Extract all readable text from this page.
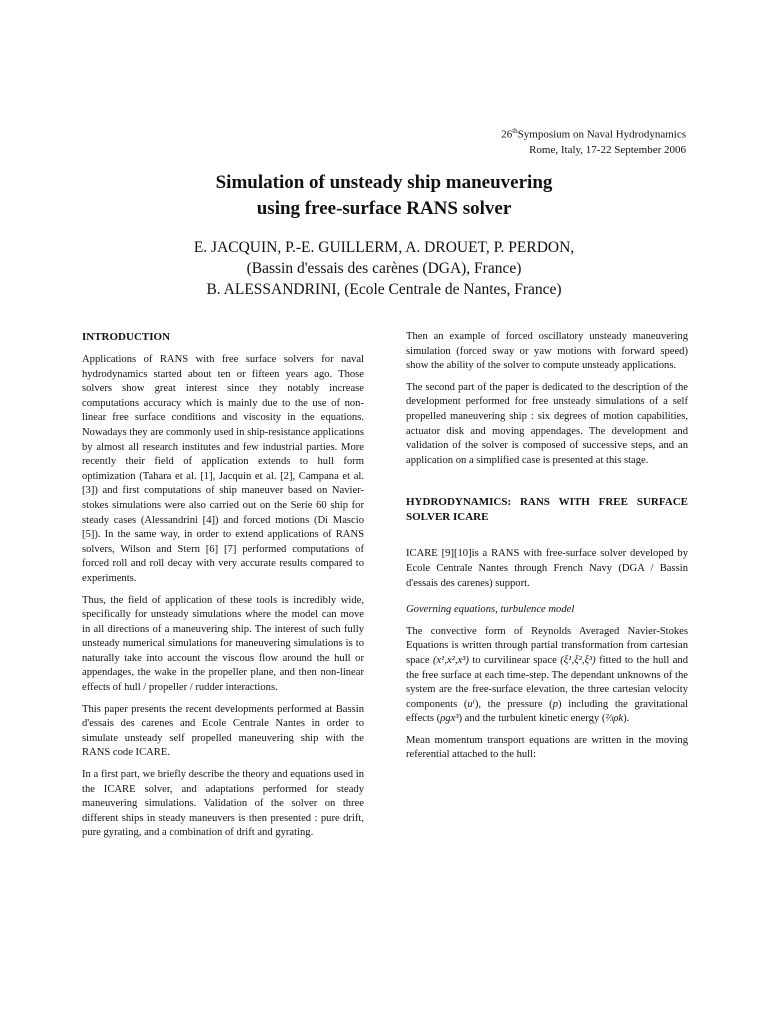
26thSymposium on Naval Hydrodynamics
Rome, Italy, 17-22 September 2006
Simulation of unsteady ship maneuvering
using free-surface RANS solver
E. JACQUIN, P.-E. GUILLERM, A. DROUET, P. PERDON,
(Bassin d'essais des carènes (DGA), France)
B. ALESSANDRINI, (Ecole Centrale de Nantes, France)
INTRODUCTION

Applications of RANS with free surface solvers for naval hydrodynamics started about ten or fifteen years ago. Those solvers show great interest since they notably increase computations accuracy which is mainly due to the use of non-linear free surface conditions and viscosity in the equations. Nowadays they are commonly used in ship-resistance applications by almost all research institutes and few industrial parties. More recently their field of application extends to hull form optimization (Tahara et al. [1], Jacquin et al. [2], Campana et al. [3]) and first computations of ship maneuver based on Navier-stokes simulations were also carried out on the Serie 60 ship for steady cases (Alessandrini [4]) and forced motions (Di Mascio [5]). In the same way, in order to extend applications of RANS solvers, Wilson and Stern [6] [7] performed computations of forced roll and roll decay with very accurate results compared to experiments.

Thus, the field of application of these tools is incredibly wide, specifically for unsteady simulations where the model can move in all directions of a maneuvering ship. The interest of such fully unsteady numerical simulations for maneuvering simulations is to naturally take into account the viscous flow around the hull or appendages, the wake in the propeller plane, and then non-linear effects of hull / propeller / rudder interactions.

This paper presents the recent developments performed at Bassin d'essais des carenes and Ecole Centrale Nantes in order to simulate unsteady self propelled maneuvering ship with the RANS code ICARE.

In a first part, we briefly describe the theory and equations used in the ICARE solver, and adaptations performed for steady maneuvering simulations. Validation of the solver on three different ships in steady maneuvers is then presented : pure drift, pure gyrating, and a combination of drift and gyrating.

Then an example of forced oscillatory unsteady maneuvering simulation (forced sway or yaw motions with forward speed) show the ability of the solver to compute unsteady applications.

The second part of the paper is dedicated to the description of the development performed for free unsteady simulations of a self propelled maneuvering ship : six degrees of motion capabilities, actuator disk and moving appendages. The development and validation of the solver is composed of successive steps, and an application on a simplified case is presented at this stage.

HYDRODYNAMICS: RANS WITH FREE SURFACE SOLVER ICARE

ICARE [9][10]is a RANS with free-surface solver developed by Ecole Centrale Nantes through French Navy (DGA / Bassin d'essais des carenes) support.

Governing equations, turbulence model

The convective form of Reynolds Averaged Navier-Stokes Equations is written through partial transformation from cartesian space (x¹,x²,x³) to curvilinear space (ξ¹,ξ²,ξ³) fitted to the hull and the free surface at each time-step. The dependant unknowns of the system are the free-surface elevation, the three cartesian velocity components (uⁱ), the pressure (p) including the gravitational effects (ρgx³) and the turbulent kinetic energy (⅔ρk).

Mean momentum transport equations are written in the moving referential attached to the hull:
